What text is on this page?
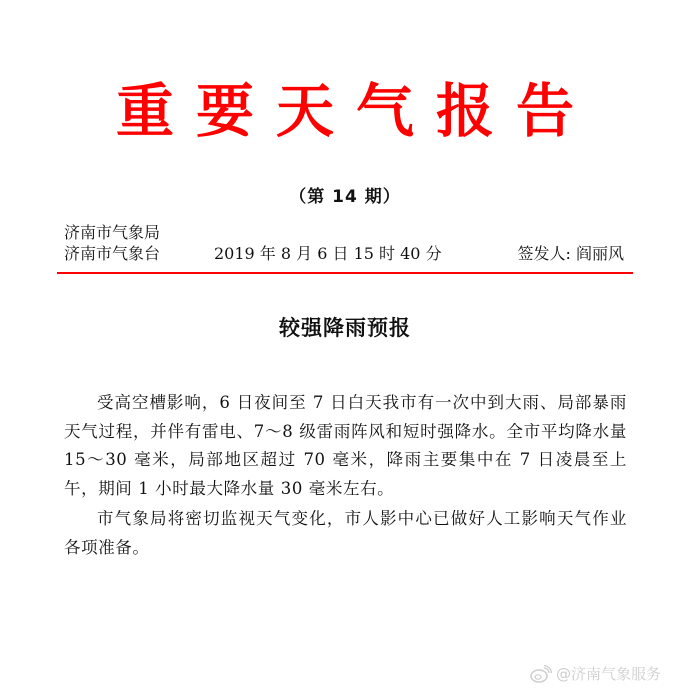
重要天气报告
（第 14 期）
济南市气象局
济南市气象台	2019 年 8 月 6 日 15 时 40 分	签发人: 阎丽风
较强降雨预报

受高空槽影响，6 日夜间至 7 日白天我市有一次中到大雨、局部暴雨天气过程，并伴有雷电、7～8 级雷雨阵风和短时强降水。全市平均降水量 15～30 毫米，局部地区超过 70 毫米，降雨主要集中在 7 日凌晨至上午，期间 1 小时最大降水量 30 毫米左右。

市气象局将密切监视天气变化，市人影中心已做好人工影响天气作业各项准备。

@济南气象服务
